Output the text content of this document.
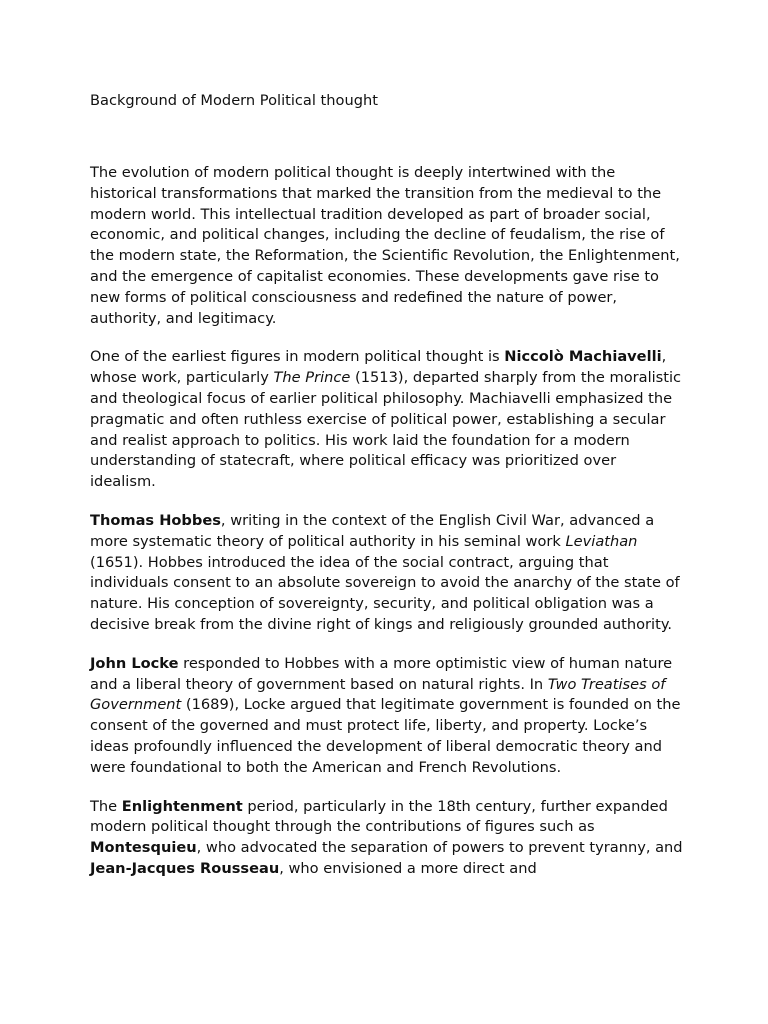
Background of Modern Political thought

The evolution of modern political thought is deeply intertwined with the historical transformations that marked the transition from the medieval to the modern world. This intellectual tradition developed as part of broader social, economic, and political changes, including the decline of feudalism, the rise of the modern state, the Reformation, the Scientific Revolution, the Enlightenment, and the emergence of capitalist economies. These developments gave rise to new forms of political consciousness and redefined the nature of power, authority, and legitimacy.

One of the earliest figures in modern political thought is Niccolò Machiavelli, whose work, particularly The Prince (1513), departed sharply from the moralistic and theological focus of earlier political philosophy. Machiavelli emphasized the pragmatic and often ruthless exercise of political power, establishing a secular and realist approach to politics. His work laid the foundation for a modern understanding of statecraft, where political efficacy was prioritized over idealism.

Thomas Hobbes, writing in the context of the English Civil War, advanced a more systematic theory of political authority in his seminal work Leviathan (1651). Hobbes introduced the idea of the social contract, arguing that individuals consent to an absolute sovereign to avoid the anarchy of the state of nature. His conception of sovereignty, security, and political obligation was a decisive break from the divine right of kings and religiously grounded authority.

John Locke responded to Hobbes with a more optimistic view of human nature and a liberal theory of government based on natural rights. In Two Treatises of Government (1689), Locke argued that legitimate government is founded on the consent of the governed and must protect life, liberty, and property. Locke’s ideas profoundly influenced the development of liberal democratic theory and were foundational to both the American and French Revolutions.

The Enlightenment period, particularly in the 18th century, further expanded modern political thought through the contributions of figures such as Montesquieu, who advocated the separation of powers to prevent tyranny, and Jean-Jacques Rousseau, who envisioned a more direct and
